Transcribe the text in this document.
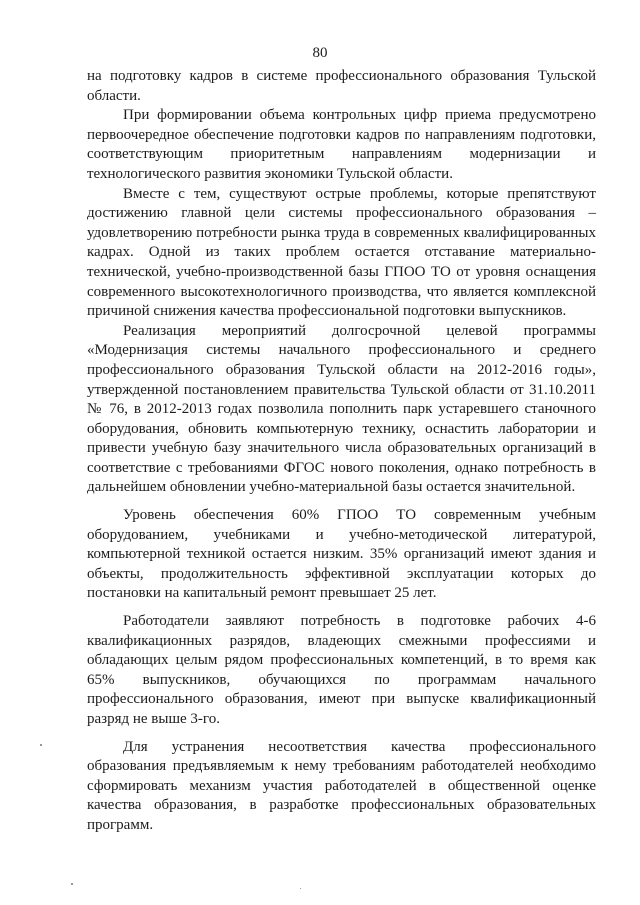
80

на подготовку кадров в системе профессионального образования Тульской области.

При формировании объема контрольных цифр приема предусмотрено первоочередное обеспечение подготовки кадров по направлениям подготовки, соответствующим приоритетным направлениям модернизации и технологического развития экономики Тульской области.

Вместе с тем, существуют острые проблемы, которые препятствуют достижению главной цели системы профессионального образования – удовлетворению потребности рынка труда в современных квалифицированных кадрах. Одной из таких проблем остается отставание материально-технической, учебно-производственной базы ГПОО ТО от уровня оснащения современного высокотехнологичного производства, что является комплексной причиной снижения качества профессиональной подготовки выпускников.

Реализация мероприятий долгосрочной целевой программы «Модернизация системы начального профессионального и среднего профессионального образования Тульской области на 2012-2016 годы», утвержденной постановлением правительства Тульской области от 31.10.2011 № 76, в 2012-2013 годах позволила пополнить парк устаревшего станочного оборудования, обновить компьютерную технику, оснастить лаборатории и привести учебную базу значительного числа образовательных организаций в соответствие с требованиями ФГОС нового поколения, однако потребность в дальнейшем обновлении учебно-материальной базы остается значительной.

Уровень обеспечения 60% ГПОО ТО современным учебным оборудованием, учебниками и учебно-методической литературой, компьютерной техникой остается низким. 35% организаций имеют здания и объекты, продолжительность эффективной эксплуатации которых до постановки на капитальный ремонт превышает 25 лет.

Работодатели заявляют потребность в подготовке рабочих 4-6 квалификационных разрядов, владеющих смежными профессиями и обладающих целым рядом профессиональных компетенций, в то время как 65% выпускников, обучающихся по программам начального профессионального образования, имеют при выпуске квалификационный разряд не выше 3-го.

Для устранения несоответствия качества профессионального образования предъявляемым к нему требованиям работодателей необходимо сформировать механизм участия работодателей в общественной оценке качества образования, в разработке профессиональных образовательных программ.
